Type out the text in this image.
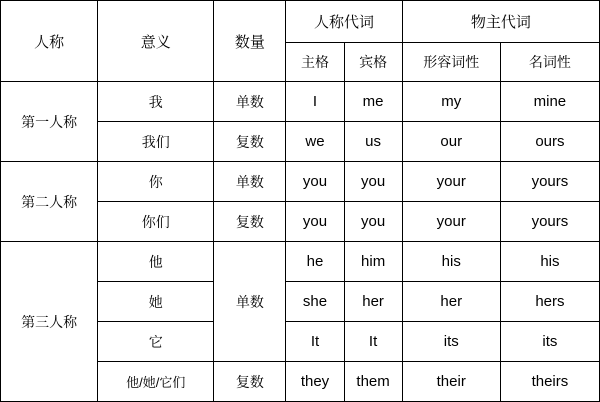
人称	意义	数量	人称代词		物主代词	
			主格	宾格	形容词性	名词性
第一人称	我	单数	I	me	my	mine
	我们	复数	we	us	our	ours
第二人称	你	单数	you	you	your	yours
	你们	复数	you	you	your	yours
第三人称	他	单数	he	him	his	his
	她		she	her	her	hers
	它		It	It	its	its
	他/她/它们	复数	they	them	their	theirs
